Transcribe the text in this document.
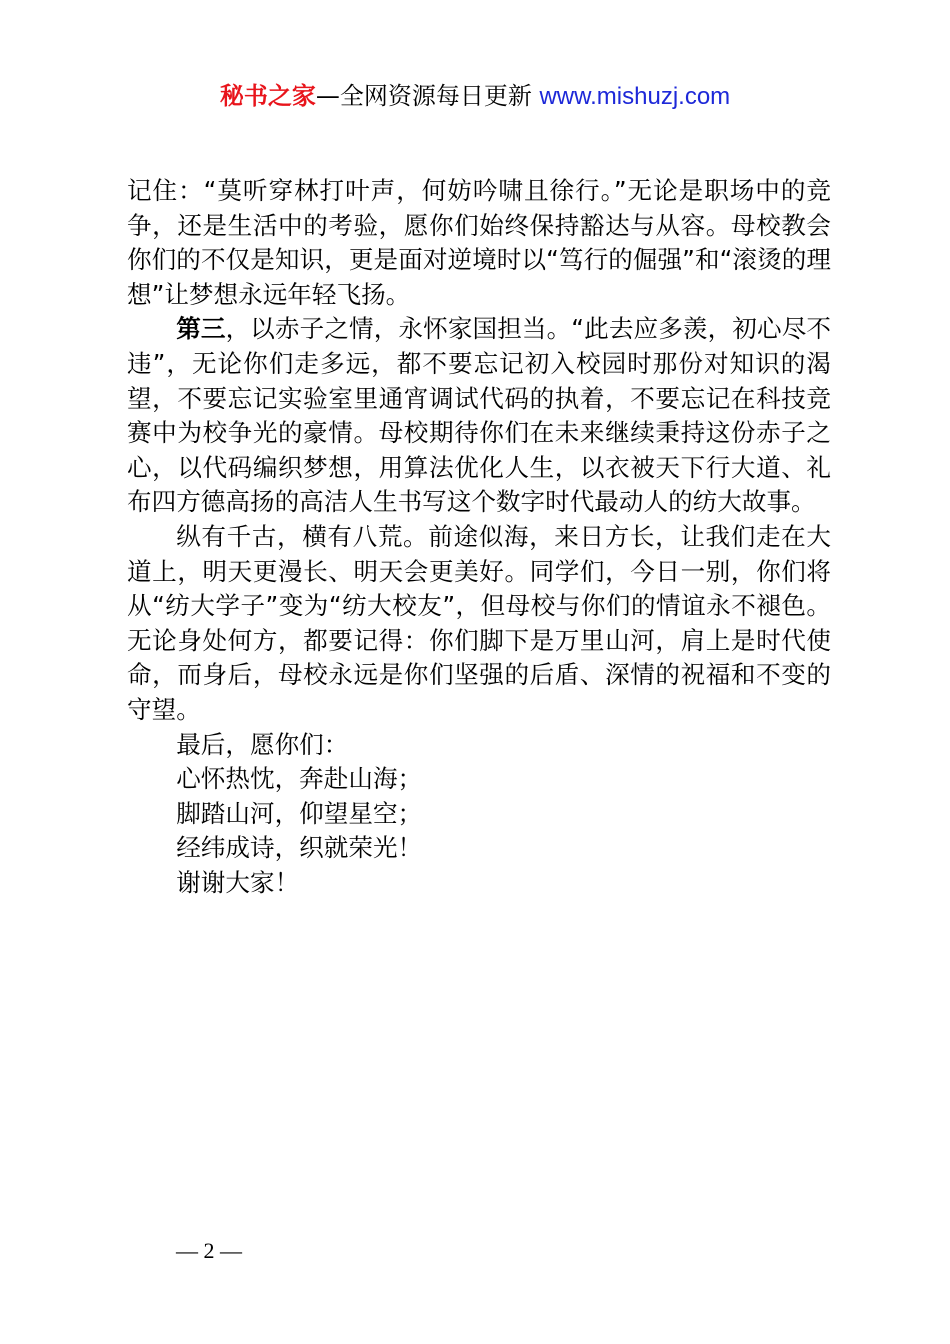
秘书之家—全网资源每日更新 www.mishuzj.com

记住：“莫听穿林打叶声，何妨吟啸且徐行。”无论是职场中的竞争，还是生活中的考验，愿你们始终保持豁达与从容。母校教会你们的不仅是知识，更是面对逆境时以“笃行的倔强”和“滚烫的理想”让梦想永远年轻飞扬。

第三，以赤子之情，永怀家国担当。“此去应多羡，初心尽不违”，无论你们走多远，都不要忘记初入校园时那份对知识的渴望，不要忘记实验室里通宵调试代码的执着，不要忘记在科技竞赛中为校争光的豪情。母校期待你们在未来继续秉持这份赤子之心，以代码编织梦想，用算法优化人生，以衣被天下行大道、礼布四方德高扬的高洁人生书写这个数字时代最动人的纺大故事。

纵有千古，横有八荒。前途似海，来日方长，让我们走在大道上，明天更漫长、明天会更美好。同学们，今日一别，你们将从“纺大学子”变为“纺大校友”，但母校与你们的情谊永不褪色。无论身处何方，都要记得：你们脚下是万里山河，肩上是时代使命，而身后，母校永远是你们坚强的后盾、深情的祝福和不变的守望。

最后，愿你们：

心怀热忱，奔赴山海；

脚踏山河，仰望星空；

经纬成诗，织就荣光！

谢谢大家！

— 2 —
